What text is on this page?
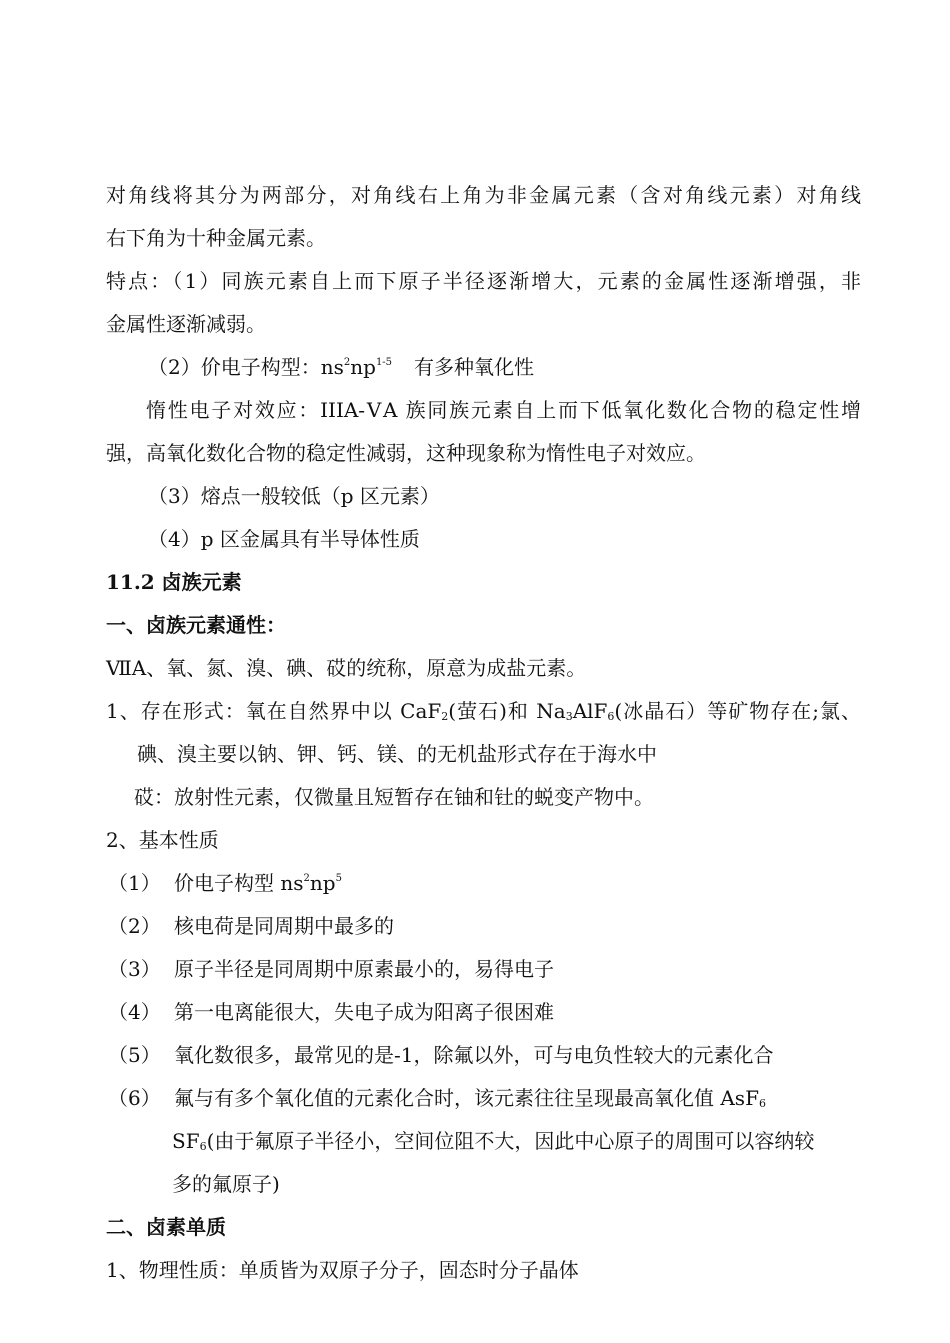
对角线将其分为两部分，对角线右上角为非金属元素（含对角线元素）对角线
右下角为十种金属元素。
特点：（1）同族元素自上而下原子半径逐渐增大，元素的金属性逐渐增强，非
金属性逐渐减弱。
（2）价电子构型：$ns^2np^{1-5}$ 有多种氧化性
惰性电子对效应：IIIA-ⅤA 族同族元素自上而下低氧化数化合物的稳定性增
强，高氧化数化合物的稳定性减弱，这种现象称为惰性电子对效应。
（3）熔点一般较低（p 区元素）
（4）p 区金属具有半导体性质
11.2 卤族元素
一、卤族元素通性：
ⅦA、氧、氮、溴、碘、砹的统称，原意为成盐元素。
1、存在形式：氧在自然界中以 CaF$_2$(萤石)和 $Na_3AlF_6$(冰晶石）等矿物存在;氯、
碘、溴主要以钠、钾、钙、镁、的无机盐形式存在于海水中
砹：放射性元素，仅微量且短暂存在铀和钍的蜕变产物中。
2、基本性质
（1） 价电子构型 $ns^2np^5$
（2） 核电荷是同周期中最多的
（3） 原子半径是同周期中原素最小的，易得电子
（4） 第一电离能很大，失电子成为阳离子很困难
（5） 氧化数很多，最常见的是-1，除氟以外，可与电负性较大的元素化合
（6） 氟与有多个氧化值的元素化合时，该元素往往呈现最高氧化值 AsF$_6$
$SF_6$(由于氟原子半径小，空间位阻不大，因此中心原子的周围可以容纳较
多的氟原子)
二、卤素单质
1、物理性质：单质皆为双原子分子，固态时分子晶体
